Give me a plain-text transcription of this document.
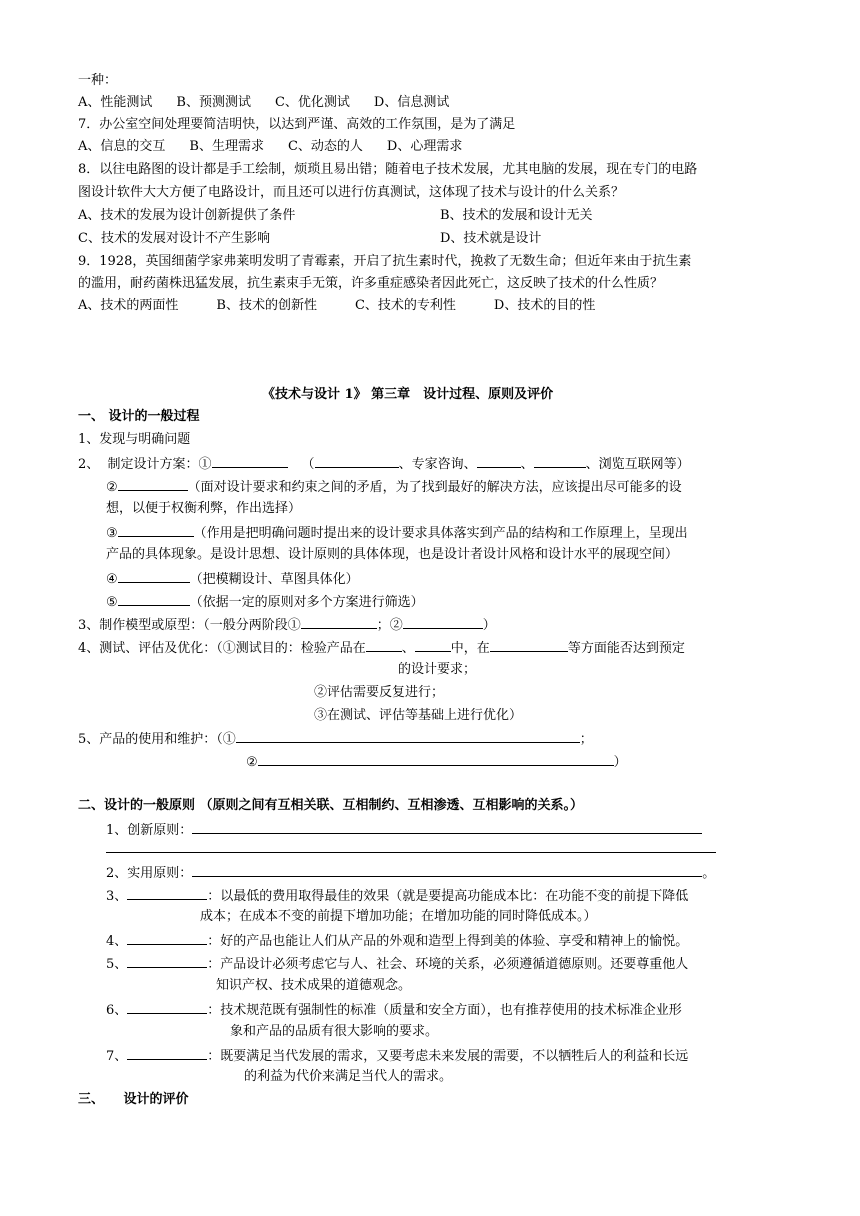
一种：
A、性能测试 B、预测测试 C、优化测试 D、信息测试
7．办公室空间处理要简洁明快，以达到严谨、高效的工作氛围，是为了满足
A、信息的交互 B、生理需求 C、动态的人 D、心理需求
8．以往电路图的设计都是手工绘制，烦琐且易出错；随着电子技术发展，尤其电脑的发展，现在专门的电路
图设计软件大大方便了电路设计，而且还可以进行仿真测试，这体现了技术与设计的什么关系？
A、技术的发展为设计创新提供了条件	B、技术的发展和设计无关
C、技术的发展对设计不产生影响	D、技术就是设计
9．1928，英国细菌学家弗莱明发明了青霉素，开启了抗生素时代，挽救了无数生命；但近年来由于抗生素
的滥用，耐药菌株迅猛发展，抗生素束手无策，许多重症感染者因此死亡，这反映了技术的什么性质？
A、技术的两面性	B、技术的创新性	C、技术的专利性	D、技术的目的性
《技术与设计 1》 第三章　设计过程、原则及评价
一、 设计的一般过程
1、发现与明确问题
2、  制定设计方案：①	（	、专家咨询、	、	、浏览互联网等）
②	（面对设计要求和约束之间的矛盾，为了找到最好的解决方法，应该提出尽可能多的设
想，以便于权衡利弊，作出选择）
③	（作用是把明确问题时提出来的设计要求具体落实到产品的结构和工作原理上，呈现出
产品的具体现象。是设计思想、设计原则的具体体现，也是设计者设计风格和设计水平的展现空间）
④	（把模糊设计、草图具体化）
⑤	（依据一定的原则对多个方案进行筛选）
3、制作模型或原型：（一般分两阶段①	；②	）
4、测试、评估及优化：（①测试目的：检验产品在	、	中，在	等方面能否达到预定
的设计要求；
②评估需要反复进行；
③在测试、评估等基础上进行优化）
5、产品的使用和维护：（①	；
②	）
二、设计的一般原则 （原则之间有互相关联、互相制约、互相渗透、互相影响的关系。）
1、创新原则：
2、实用原则：	。
3、	：以最低的费用取得最佳的效果（就是要提高功能成本比：在功能不变的前提下降低
成本；在成本不变的前提下增加功能；在增加功能的同时降低成本。）
4、	：好的产品也能让人们从产品的外观和造型上得到美的体验、享受和精神上的愉悦。
5、	：产品设计必须考虑它与人、社会、环境的关系，必须遵循道德原则。还要尊重他人
知识产权、技术成果的道德观念。
6、	：技术规范既有强制性的标准（质量和安全方面），也有推荐使用的技术标准企业形
象和产品的品质有很大影响的要求。
7、	：既要满足当代发展的需求，又要考虑未来发展的需要，不以牺牲后人的利益和长远
的利益为代价来满足当代人的需求。
三、　　设计的评价
